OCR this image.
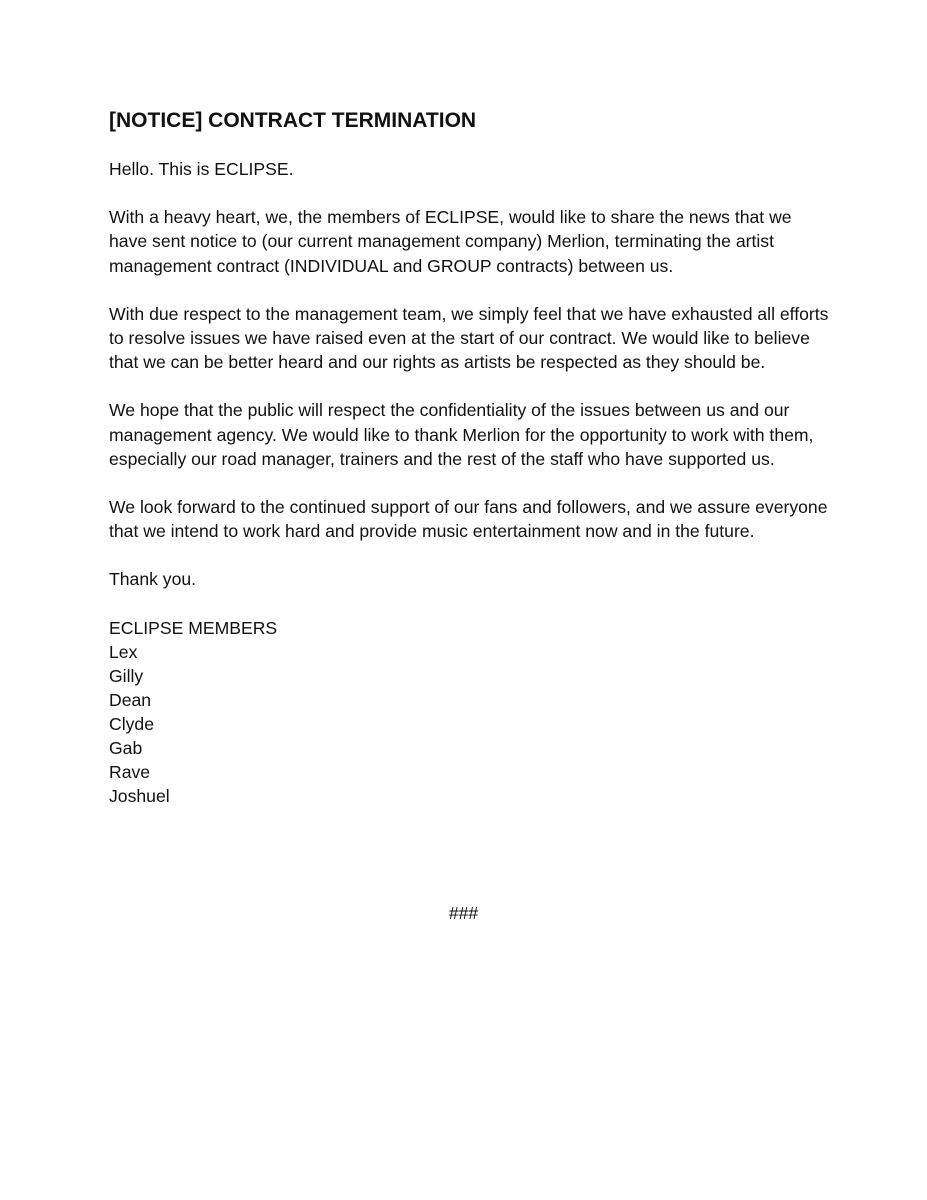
[NOTICE] CONTRACT TERMINATION

Hello. This is ECLIPSE.

With a heavy heart, we, the members of ECLIPSE, would like to share the news that we have sent notice to (our current management company) Merlion, terminating the artist management contract (INDIVIDUAL and GROUP contracts) between us.

With due respect to the management team, we simply feel that we have exhausted all efforts to resolve issues we have raised even at the start of our contract. We would like to believe that we can be better heard and our rights as artists be respected as they should be.

We hope that the public will respect the confidentiality of the issues between us and our management agency. We would like to thank Merlion for the opportunity to work with them, especially our road manager, trainers and the rest of the staff who have supported us.

We look forward to the continued support of our fans and followers, and we assure everyone that we intend to work hard and provide music entertainment now and in the future.

Thank you.

ECLIPSE MEMBERS

Lex
Gilly
Dean
Clyde
Gab
Rave
Joshuel

###
